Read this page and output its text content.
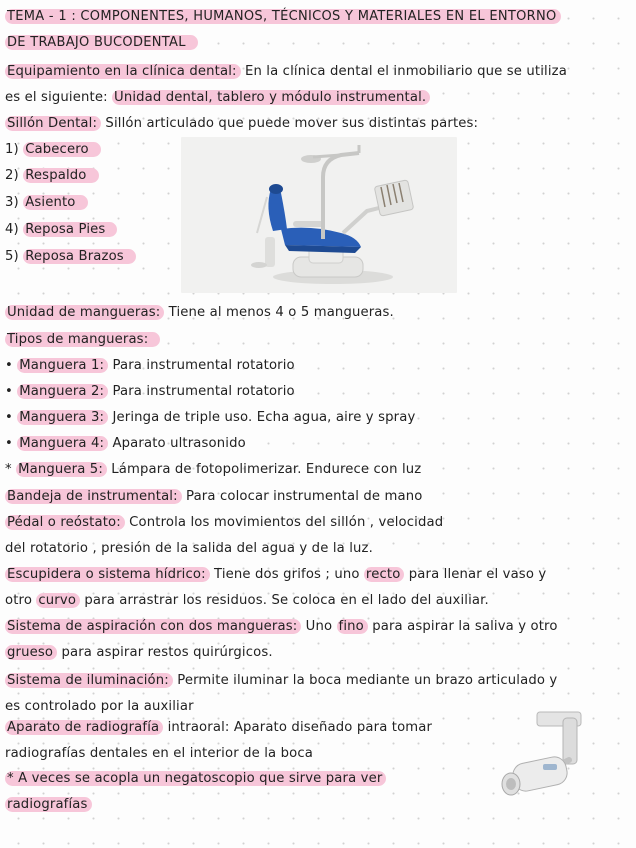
TEMA - 1 : COMPONENTES, HUMANOS, TÉCNICOS Y MATERIALES EN EL ENTORNO
DE TRABAJO BUCODENTAL
Equipamiento en la clínica dental: En la clínica dental el inmobiliario que se utiliza
es el siguiente: Unidad dental, tablero y módulo instrumental.
Sillón Dental: Sillón articulado que puede mover sus distintas partes:
1) Cabecero
2) Respaldo
3) Asiento
4) Reposa Pies
5) Reposa Brazos
Unidad de mangueras: Tiene al menos 4 o 5 mangueras.
Tipos de mangueras:
• Manguera 1: Para instrumental rotatorio
• Manguera 2: Para instrumental rotatorio
• Manguera 3: Jeringa de triple uso. Echa agua, aire y spray
• Manguera 4: Aparato ultrasonido
* Manguera 5: Lámpara de fotopolimerizar. Endurece con luz
Bandeja de instrumental: Para colocar instrumental de mano
Pédal o reóstato: Controla los movimientos del sillón , velocidad
del rotatorio , presión de la salida del agua y de la luz.
Escupidera o sistema hídrico: Tiene dos grifos ; uno recto para llenar el vaso y
otro curvo para arrastrar los residuos. Se coloca en el lado del auxiliar.
Sistema de aspiración con dos mangueras: Uno fino para aspirar la saliva y otro
grueso para aspirar restos quirúrgicos.
Sistema de iluminación: Permite iluminar la boca mediante un brazo articulado y
es controlado por la auxiliar
Aparato de radiografía intraoral: Aparato diseñado para tomar
radiografías dentales en el interior de la boca
* A veces se acopla un negatoscopio que sirve para ver
radiografías
